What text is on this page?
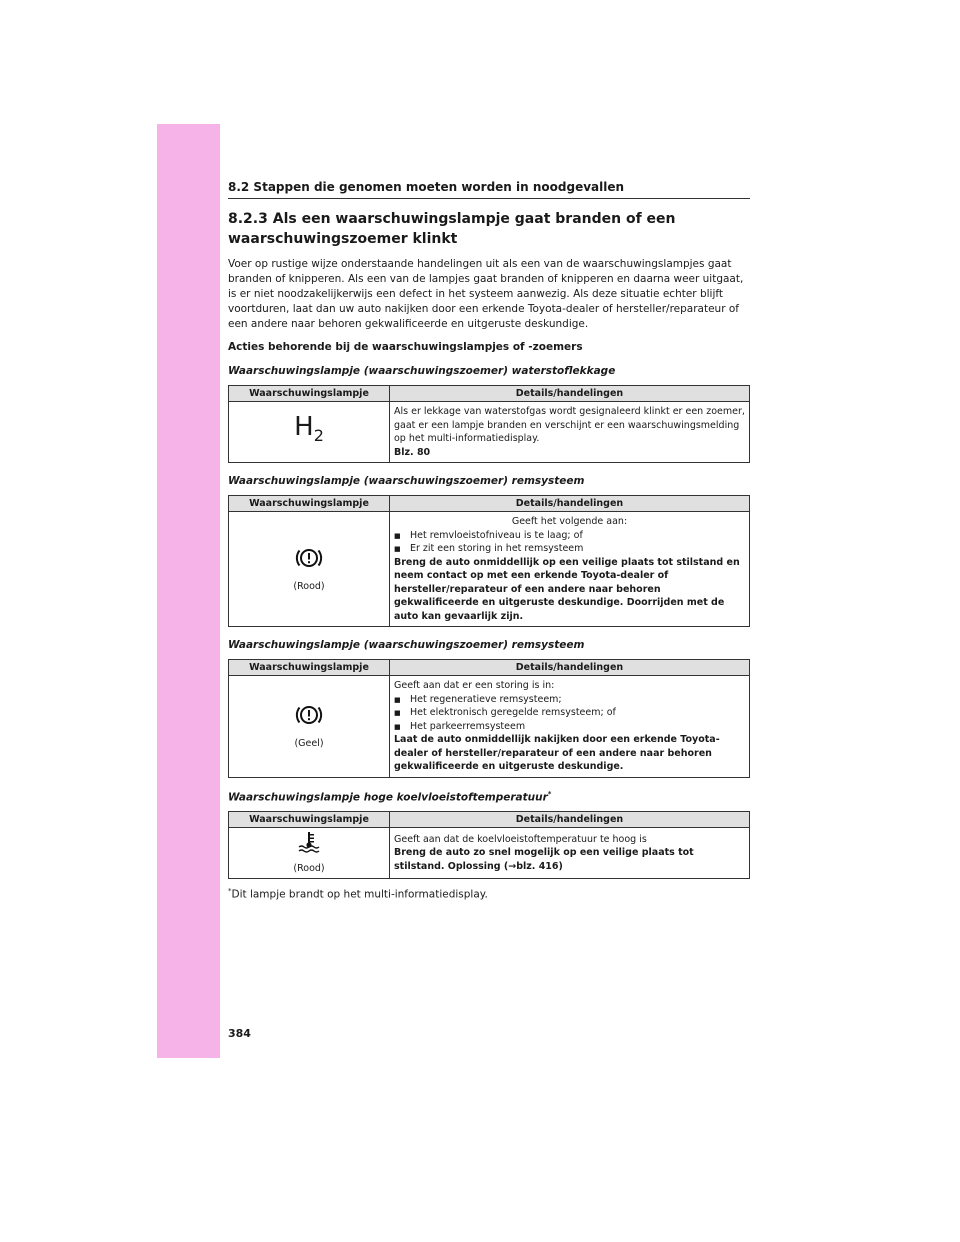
8.2 Stappen die genomen moeten worden in noodgevallen
8.2.3 Als een waarschuwingslampje gaat branden of een
waarschuwingszoemer klinkt
Voer op rustige wijze onderstaande handelingen uit als een van de waarschuwingslampjes gaat branden of knipperen. Als een van de lampjes gaat branden of knipperen en daarna weer uitgaat, is er niet noodzakelijkerwijs een defect in het systeem aanwezig. Als deze situatie echter blijft voortduren, laat dan uw auto nakijken door een erkende Toyota-dealer of hersteller/reparateur of een andere naar behoren gekwalificeerde en uitgeruste deskundige.
Acties behorende bij de waarschuwingslampjes of -zoemers
Waarschuwingslampje (waarschuwingszoemer) waterstoflekkage
Waarschuwingslampje	Details/handelingen
$H_2$	Als er lekkage van waterstofgas wordt gesignaleerd klinkt er een zoemer, gaat er een lampje branden en verschijnt er een waarschuwingsmelding op het multi-informatiedisplay.
Blz. 80
Waarschuwingslampje (waarschuwingszoemer) remsysteem
Waarschuwingslampje	Details/handelingen

(Rood)	Geeft het volgende aan:
■ Het remvloeistofniveau is te laag; of
■ Er zit een storing in het remsysteem
Breng de auto onmiddellijk op een veilige plaats tot stilstand en neem contact op met een erkende Toyota-dealer of hersteller/reparateur of een andere naar behoren gekwalificeerde en uitgeruste deskundige. Doorrijden met de auto kan gevaarlijk zijn.
Waarschuwingslampje (waarschuwingszoemer) remsysteem
Waarschuwingslampje	Details/handelingen

(Geel)	Geeft aan dat er een storing is in:
■ Het regeneratieve remsysteem;
■ Het elektronisch geregelde remsysteem; of
■ Het parkeerremsysteem
Laat de auto onmiddellijk nakijken door een erkende Toyota-dealer of hersteller/reparateur of een andere naar behoren gekwalificeerde en uitgeruste deskundige.
Waarschuwingslampje hoge koelvloeistoftemperatuur*
Waarschuwingslampje	Details/handelingen

(Rood)	Geeft aan dat de koelvloeistoftemperatuur te hoog is
Breng de auto zo snel mogelijk op een veilige plaats tot stilstand. Oplossing (→blz. 416)
*Dit lampje brandt op het multi-informatiedisplay.
384
